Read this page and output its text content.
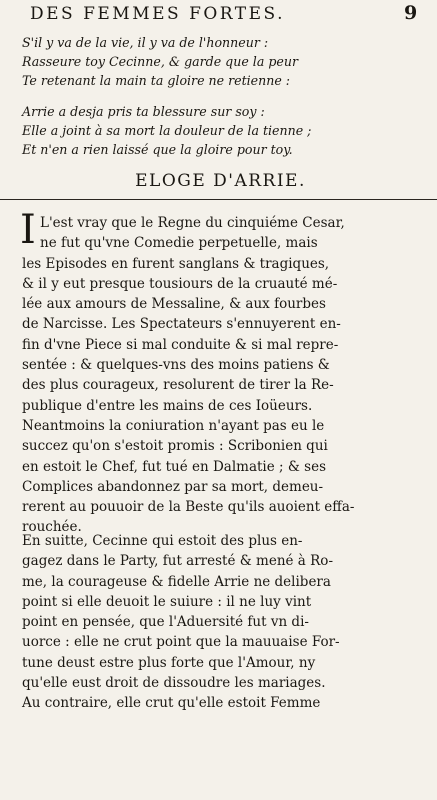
DES FEMMES FORTES.	9
S'il y va de la vie, il y va de l'honneur :
Rasseure toy Cecinne, & garde que la peur
Te retenant la main ta gloire ne retienne :
Arrie a desja pris ta blessure sur soy :
Elle a joint à sa mort la douleur de la tienne ;
Et n'en a rien laissé que la gloire pour toy.
ELOGE D'ARRIE.
I L'est vray que le Regne du cinquiéme Cesar,
ne fut qu'vne Comedie perpetuelle, mais
les Episodes en furent sanglans & tragiques,
& il y eut presque tousiours de la cruauté mé-
lée aux amours de Messaline, & aux fourbes
de Narcisse. Les Spectateurs s'ennuyerent en-
fin d'vne Piece si mal conduite & si mal repre-
sentée : & quelques-vns des moins patiens &
des plus courageux, resolurent de tirer la Re-
publique d'entre les mains de ces Ioüeurs.
Neantmoins la coniuration n'ayant pas eu le
succez qu'on s'estoit promis : Scribonien qui
en estoit le Chef, fut tué en Dalmatie ; & ses
Complices abandonnez par sa mort, demeu-
rerent au pouuoir de la Beste qu'ils auoient effa-
rouchée.
En suitte, Cecinne qui estoit des plus en-
gagez dans le Party, fut arresté & mené à Ro-
me, la courageuse & fidelle Arrie ne delibera
point si elle deuoit le suiure : il ne luy vint
point en pensée, que l'Aduersité fut vn di-
uorce : elle ne crut point que la mauuaise For-
tune deust estre plus forte que l'Amour, ny
qu'elle eust droit de dissoudre les mariages.
Au contraire, elle crut qu'elle estoit Femme
